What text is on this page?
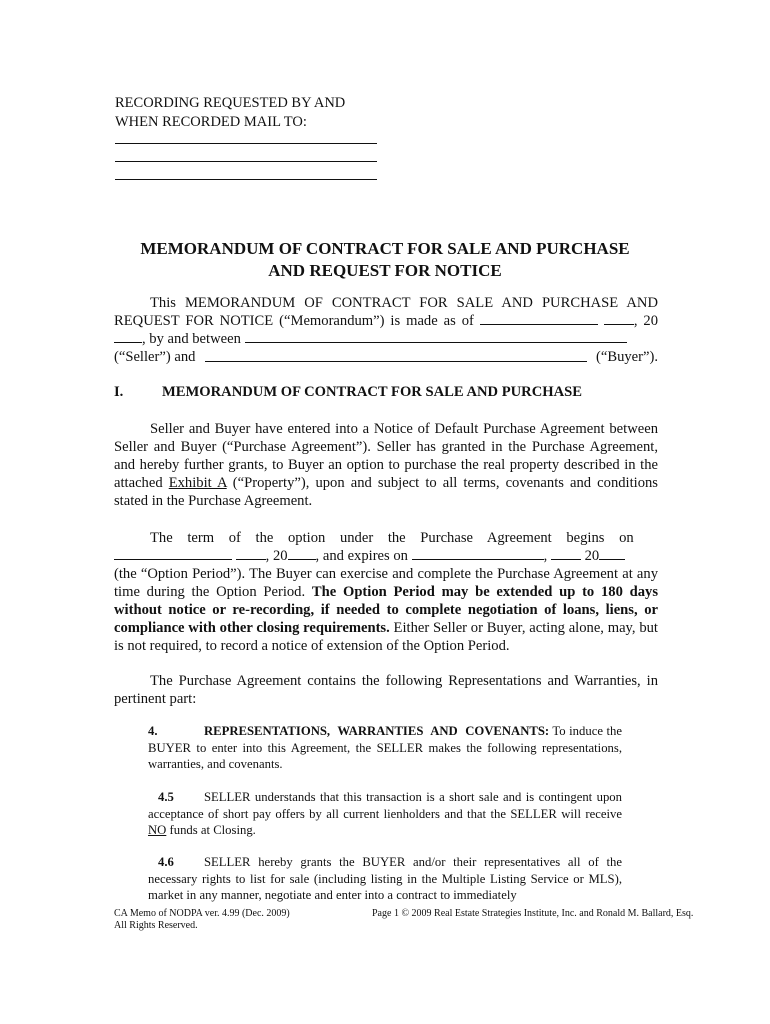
RECORDING REQUESTED BY AND
WHEN RECORDED MAIL TO:
MEMORANDUM OF CONTRACT FOR SALE AND PURCHASE
AND REQUEST FOR NOTICE
This MEMORANDUM OF CONTRACT FOR SALE AND PURCHASE AND REQUEST FOR NOTICE (“Memorandum”) is made as of	, 20, by and between
(“Seller”) and	(“Buyer”).
I.	MEMORANDUM OF CONTRACT FOR SALE AND PURCHASE
Seller and Buyer have entered into a Notice of Default Purchase Agreement between Seller and Buyer (“Purchase Agreement”). Seller has granted in the Purchase Agreement, and hereby further grants, to Buyer an option to purchase the real property described in the attached Exhibit A (“Property”), upon and subject to all terms, covenants and conditions stated in the Purchase Agreement.
The term of the option under the Purchase Agreement begins on
, 20 , and expires on	,  20
(the “Option Period”). The Buyer can exercise and complete the Purchase Agreement at any time during the Option Period. The Option Period may be extended up to 180 days without notice or re-recording, if needed to complete negotiation of loans, liens, or compliance with other closing requirements. Either Seller or Buyer, acting alone, may, but is not required, to record a notice of extension of the Option Period.
The Purchase Agreement contains the following Representations and Warranties, in pertinent part:
4.	REPRESENTATIONS, WARRANTIES AND COVENANTS: To induce the BUYER to enter into this Agreement, the SELLER makes the following representations, warranties, and covenants.
4.5 SELLER understands that this transaction is a short sale and is contingent upon acceptance of short pay offers by all current lienholders and that the SELLER will receive NO funds at Closing.
4.6 SELLER hereby grants the BUYER and/or their representatives all of the necessary rights to list for sale (including listing in the Multiple Listing Service or MLS), market in any manner, negotiate and enter into a contract to immediately
CA Memo of NODPA ver. 4.99 (Dec. 2009)
All Rights Reserved.
Page 1 © 2009 Real Estate Strategies Institute, Inc. and Ronald M. Ballard, Esq.
